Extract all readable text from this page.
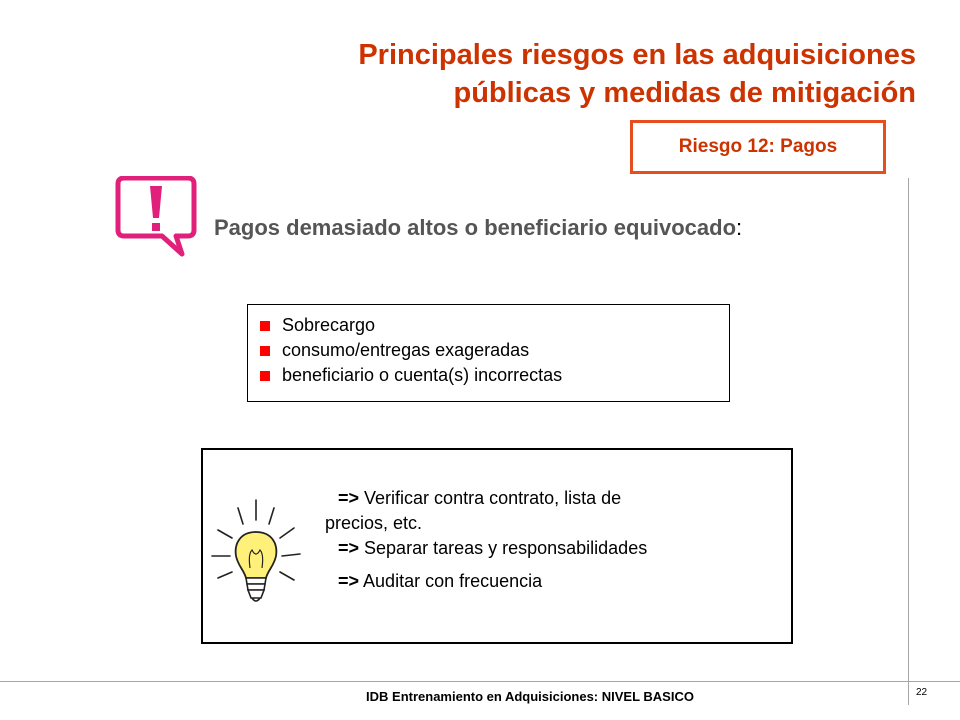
Principales riesgos en las adquisiciones
públicas y medidas de mitigación
Riesgo 12: Pagos
Pagos demasiado altos o beneficiario equivocado:
Sobrecargo
consumo/entregas exageradas
beneficiario o cuenta(s) incorrectas
=> Verificar contra contrato, lista de
precios, etc.
=> Separar tareas y responsabilidades
=> Auditar con frecuencia
IDB Entrenamiento en Adquisiciones: NIVEL BASICO	22
